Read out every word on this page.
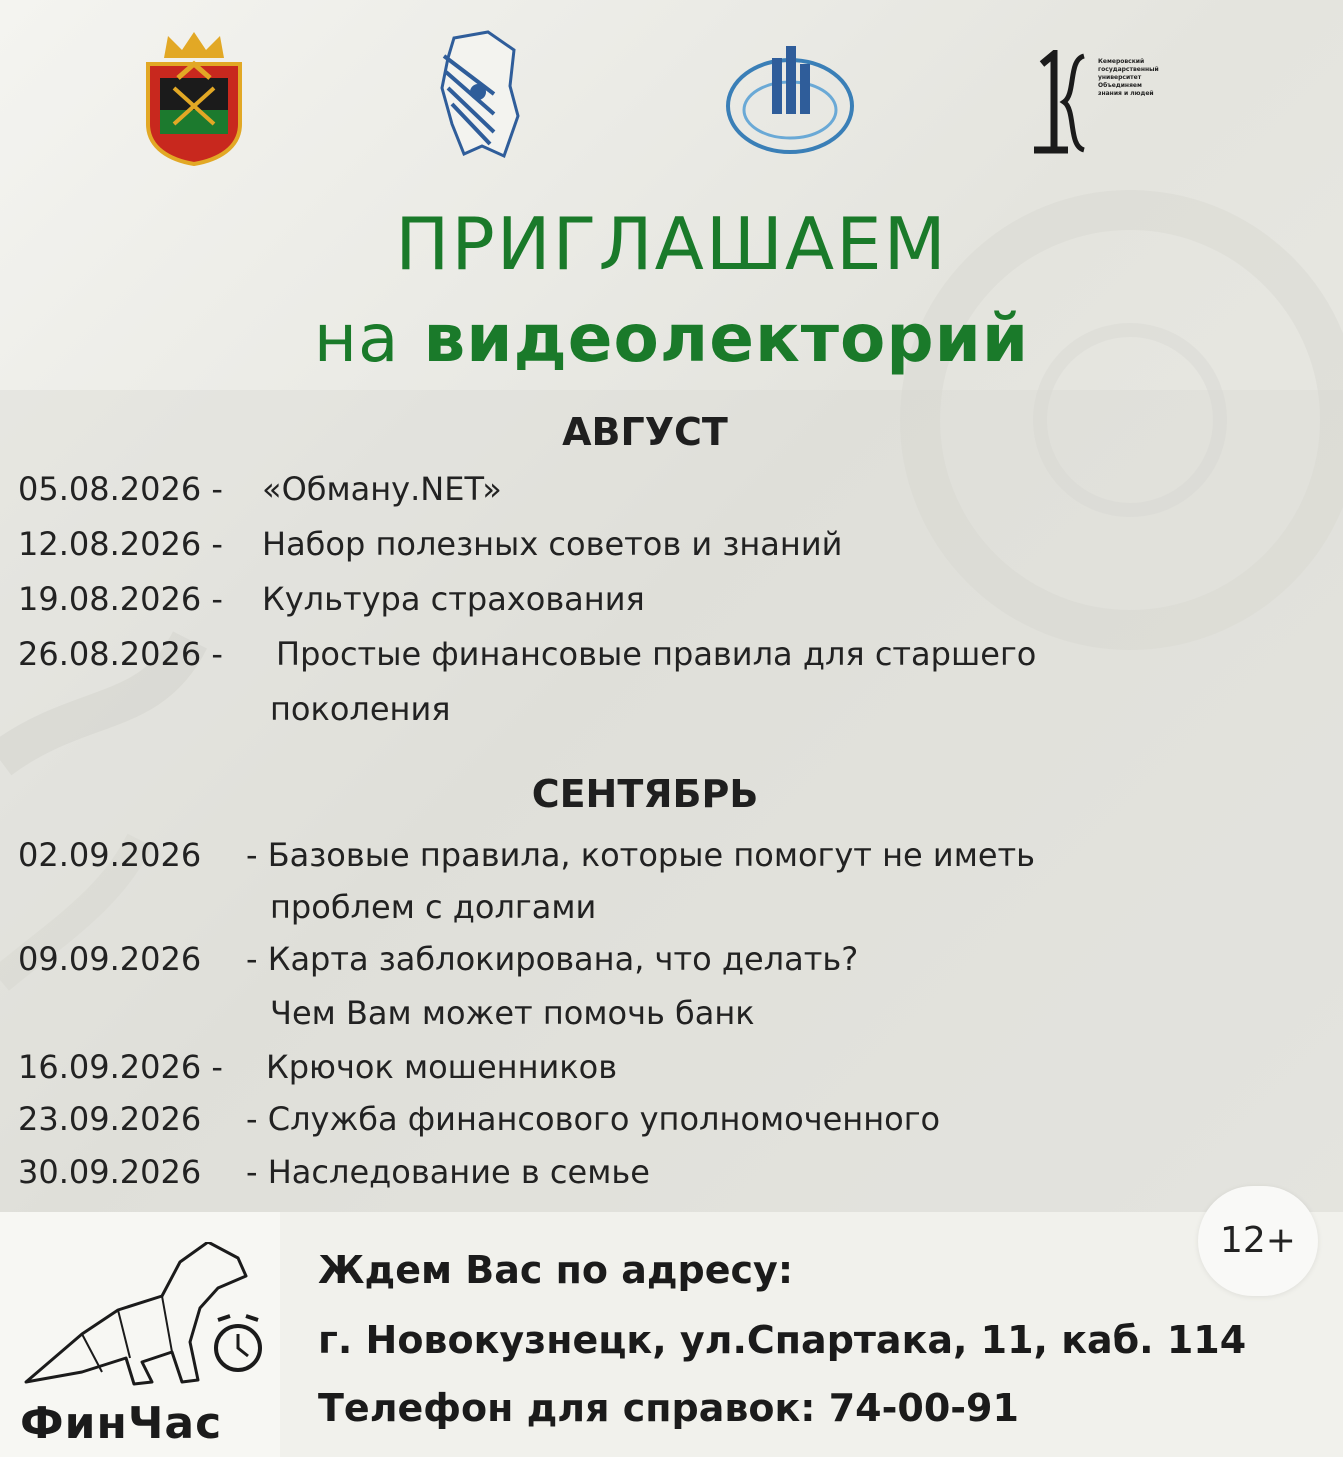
Кемеровский
государственный
университет
Объединяем
знания и людей
ПРИГЛАШАЕМ
на видеолекторий
АВГУСТ
05.08.2026 - «Обману.NET»
12.08.2026 - Набор полезных советов и знаний
19.08.2026 - Культура страхования
26.08.2026 - Простые финансовые правила для старшего
поколения
СЕНТЯБРЬ
02.09.2026 - Базовые правила, которые помогут не иметь
проблем с долгами
09.09.2026 - Карта заблокирована, что делать?
Чем Вам может помочь банк
16.09.2026 - Крючок мошенников
23.09.2026 - Служба финансового уполномоченного
30.09.2026 - Наследование в семье
ФинЧас
12+
Ждем Вас по адресу:
г. Новокузнецк, ул.Спартака, 11, каб. 114
Телефон для справок: 74-00-91
